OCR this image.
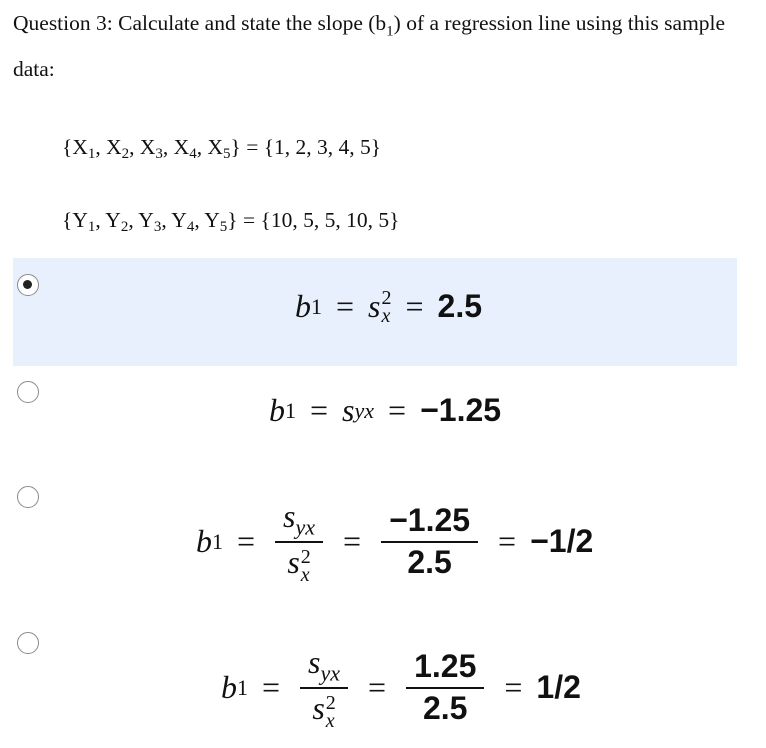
Question 3: Calculate and state the slope $(b_1)$ of a regression line using this sample data:

{$X_1$, $X_2$, $X_3$, $X_4$, $X_5\} = \{1$, 2, 3, 4, 5}
{$Y_1$, $Y_2$, $Y_3$, $Y_4$, $Y_5\} = \{10$, 5, 5, 10, 5}
b 1 = s 2
x = 2.5
b 1 = s yx = −1.25
b $1 = s_{yx}$
s 2
$x = \frac{-1.25}{2.5} = -1/2$
b $1 = s_{yx}$
s 2
$x = \frac{1.25}{2.5} = 1/2$
